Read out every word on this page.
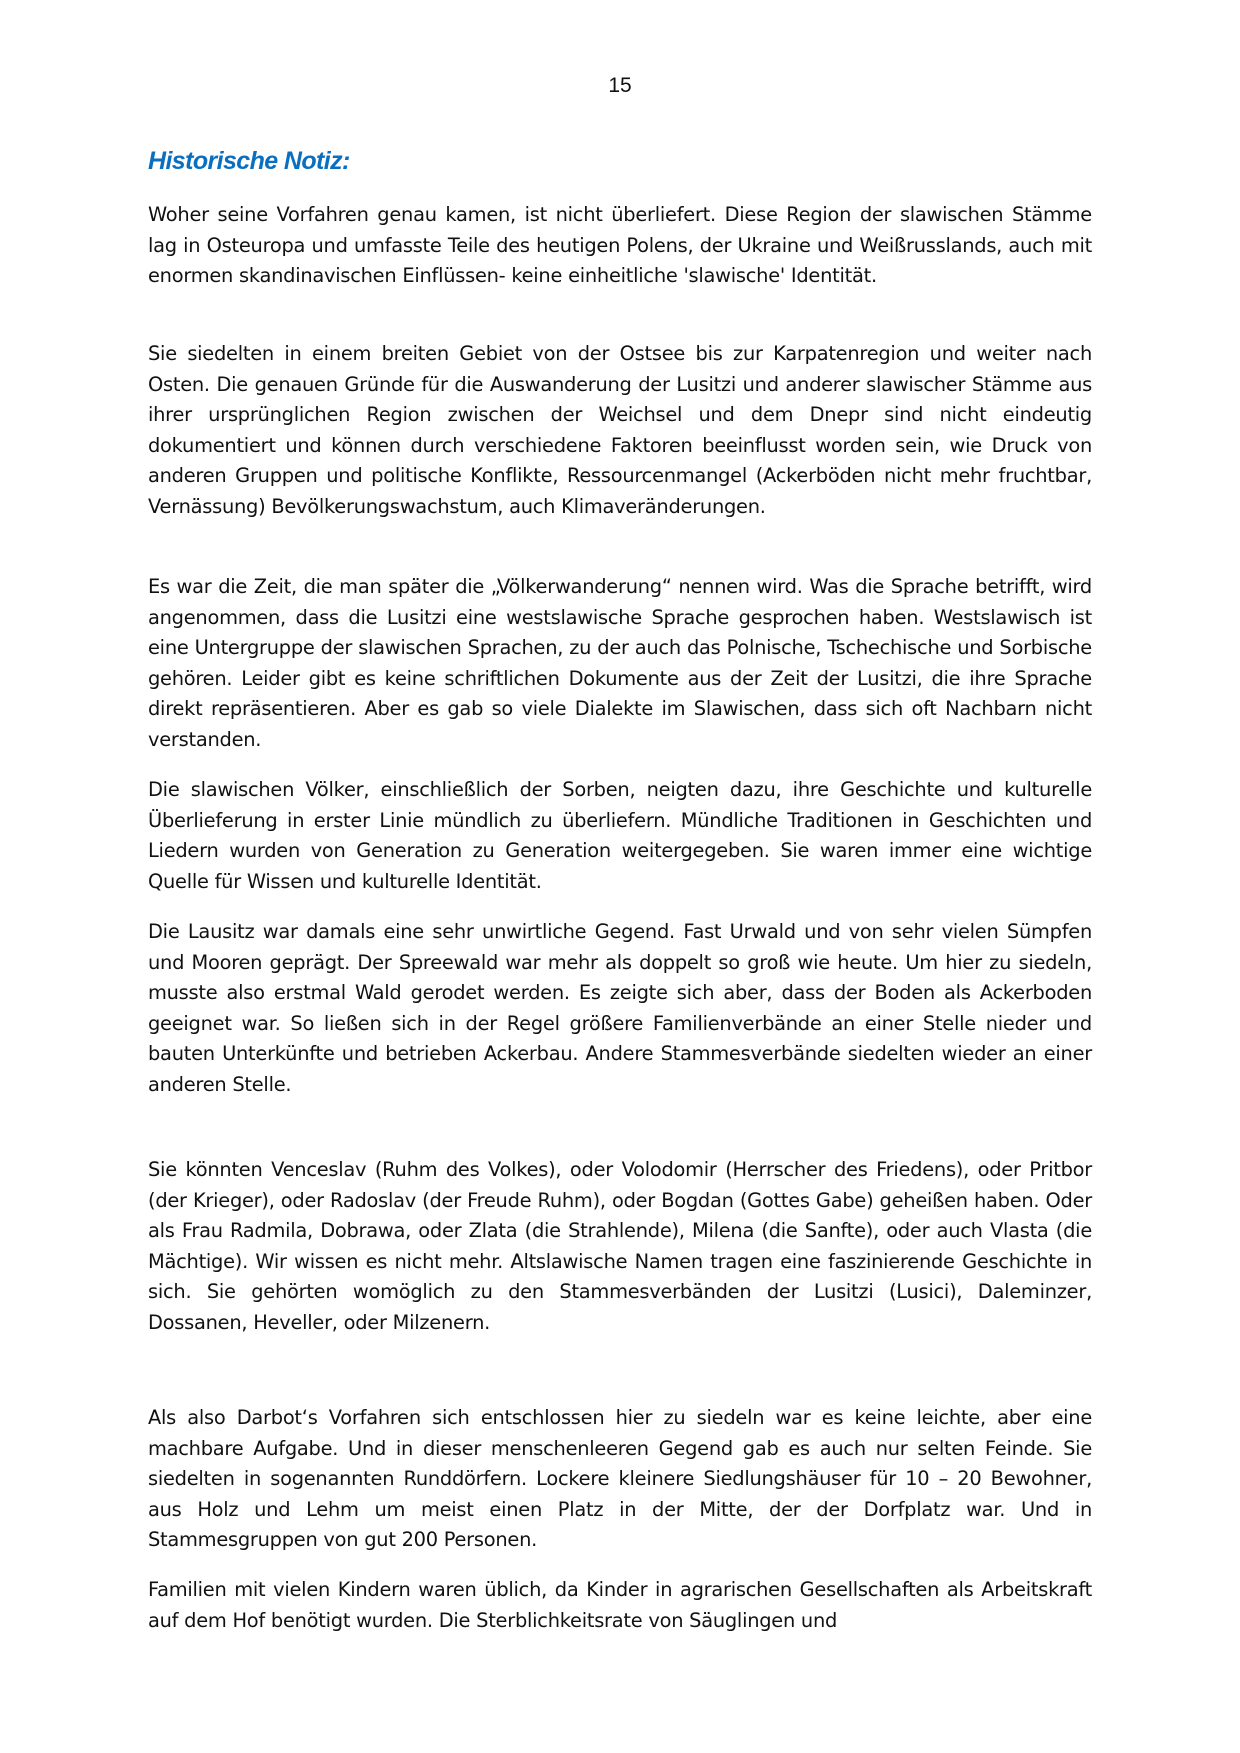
15
Historische Notiz:

Woher seine Vorfahren genau kamen, ist nicht überliefert. Diese Region der slawischen Stämme lag in Osteuropa und umfasste Teile des heutigen Polens, der Ukraine und Weißrusslands, auch mit enormen skandinavischen Einflüssen- keine einheitliche 'slawische' Identität.

Sie siedelten in einem breiten Gebiet von der Ostsee bis zur Karpatenregion und weiter nach Osten. Die genauen Gründe für die Auswanderung der Lusitzi und anderer slawischer Stämme aus ihrer ursprünglichen Region zwischen der Weichsel und dem Dnepr sind nicht eindeutig dokumentiert und können durch verschiedene Faktoren beeinflusst worden sein, wie Druck von anderen Gruppen und politische Konflikte, Ressourcenmangel (Ackerböden nicht mehr fruchtbar, Vernässung) Bevölkerungswachstum, auch Klimaveränderungen.

Es war die Zeit, die man später die „Völkerwanderung“ nennen wird. Was die Sprache betrifft, wird angenommen, dass die Lusitzi eine westslawische Sprache gesprochen haben. Westslawisch ist eine Untergruppe der slawischen Sprachen, zu der auch das Polnische, Tschechische und Sorbische gehören. Leider gibt es keine schriftlichen Dokumente aus der Zeit der Lusitzi, die ihre Sprache direkt repräsentieren. Aber es gab so viele Dialekte im Slawischen, dass sich oft Nachbarn nicht verstanden.

Die slawischen Völker, einschließlich der Sorben, neigten dazu, ihre Geschichte und kulturelle Überlieferung in erster Linie mündlich zu überliefern. Mündliche Traditionen in Geschichten und Liedern wurden von Generation zu Generation weitergegeben. Sie waren immer eine wichtige Quelle für Wissen und kulturelle Identität.

Die Lausitz war damals eine sehr unwirtliche Gegend. Fast Urwald und von sehr vielen Sümpfen und Mooren geprägt. Der Spreewald war mehr als doppelt so groß wie heute. Um hier zu siedeln, musste also erstmal Wald gerodet werden. Es zeigte sich aber, dass der Boden als Ackerboden geeignet war. So ließen sich in der Regel größere Familienverbände an einer Stelle nieder und bauten Unterkünfte und betrieben Ackerbau. Andere Stammesverbände siedelten wieder an einer anderen Stelle.

Sie könnten Venceslav (Ruhm des Volkes), oder Volodomir (Herrscher des Friedens), oder Pritbor (der Krieger), oder Radoslav (der Freude Ruhm), oder Bogdan (Gottes Gabe) geheißen haben. Oder als Frau Radmila, Dobrawa, oder Zlata (die Strahlende), Milena (die Sanfte), oder auch Vlasta (die Mächtige). Wir wissen es nicht mehr. Altslawische Namen tragen eine faszinierende Geschichte in sich. Sie gehörten womöglich zu den Stammesverbänden der Lusitzi (Lusici), Daleminzer, Dossanen, Heveller, oder Milzenern.

Als also Darbot‘s Vorfahren sich entschlossen hier zu siedeln war es keine leichte, aber eine machbare Aufgabe. Und in dieser menschenleeren Gegend gab es auch nur selten Feinde. Sie siedelten in sogenannten Runddörfern. Lockere kleinere Siedlungshäuser für 10 – 20 Bewohner, aus Holz und Lehm um meist einen Platz in der Mitte, der der Dorfplatz war. Und in Stammesgruppen von gut 200 Personen.

Familien mit vielen Kindern waren üblich, da Kinder in agrarischen Gesellschaften als Arbeitskraft auf dem Hof benötigt wurden. Die Sterblichkeitsrate von Säuglingen und
